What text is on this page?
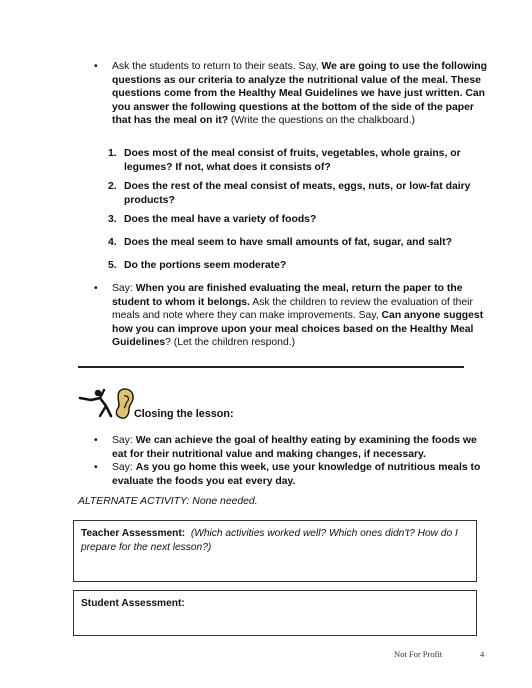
• Ask the students to return to their seats. Say, We are going to use the following questions as our criteria to analyze the nutritional value of the meal. These questions come from the Healthy Meal Guidelines we have just written. Can you answer the following questions at the bottom of the side of the paper that has the meal on it? (Write the questions on the chalkboard.)
1. Does most of the meal consist of fruits, vegetables, whole grains, or legumes? If not, what does it consists of?
2. Does the rest of the meal consist of meats, eggs, nuts, or low-fat dairy products?
3. Does the meal have a variety of foods?
4. Does the meal seem to have small amounts of fat, sugar, and salt?
5. Do the portions seem moderate?
• Say: When you are finished evaluating the meal, return the paper to the student to whom it belongs. Ask the children to review the evaluation of their meals and note where they can make improvements. Say, Can anyone suggest how you can improve upon your meal choices based on the Healthy Meal Guidelines? (Let the children respond.)
Closing the lesson:
• Say: We can achieve the goal of healthy eating by examining the foods we eat for their nutritional value and making changes, if necessary.
• Say: As you go home this week, use your knowledge of nutritious meals to evaluate the foods you eat every day.
ALTERNATE ACTIVITY: None needed.
Teacher Assessment: (Which activities worked well? Which ones didn't? How do I prepare for the next lesson?)
Student Assessment:
Not For Profit	4
